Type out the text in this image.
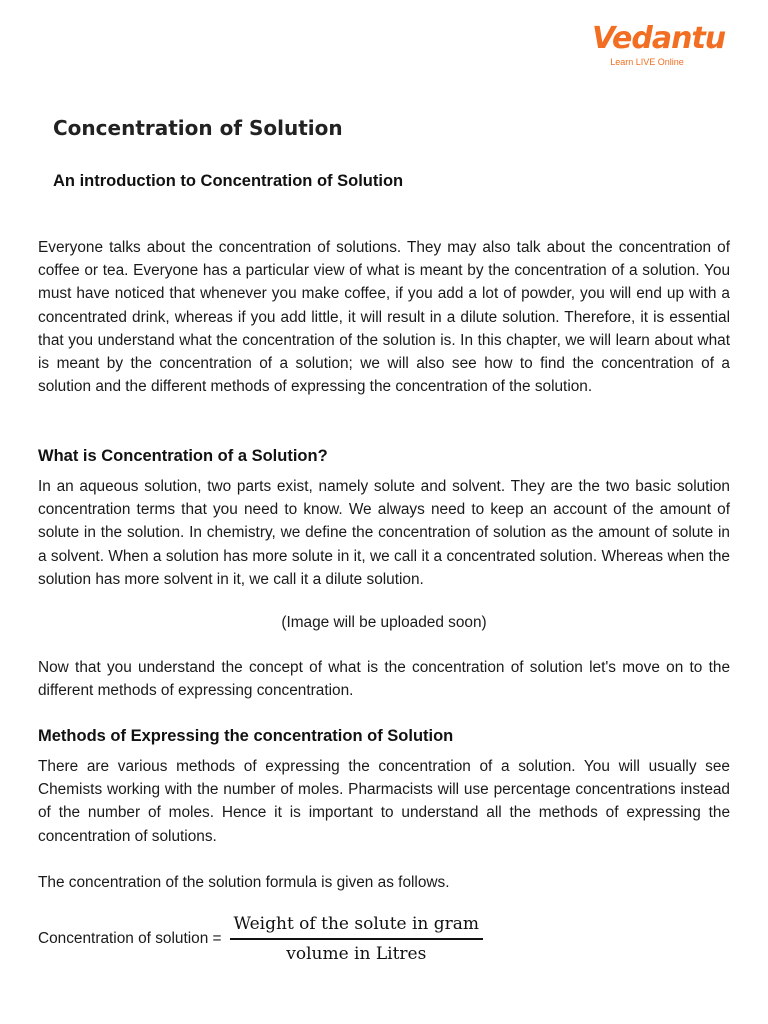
Vedantu
Learn LIVE Online
Concentration of Solution
An introduction to Concentration of Solution

Everyone talks about the concentration of solutions. They may also talk about the concentration of coffee or tea. Everyone has a particular view of what is meant by the concentration of a solution. You must have noticed that whenever you make coffee, if you add a lot of powder, you will end up with a concentrated drink, whereas if you add little, it will result in a dilute solution. Therefore, it is essential that you understand what the concentration of the solution is. In this chapter, we will learn about what is meant by the concentration of a solution; we will also see how to find the concentration of a solution and the different methods of expressing the concentration of the solution.

What is Concentration of a Solution?

In an aqueous solution, two parts exist, namely solute and solvent. They are the two basic solution concentration terms that you need to know. We always need to keep an account of the amount of solute in the solution. In chemistry, we define the concentration of solution as the amount of solute in a solvent. When a solution has more solute in it, we call it a concentrated solution. Whereas when the solution has more solvent in it, we call it a dilute solution.

(Image will be uploaded soon)

Now that you understand the concept of what is the concentration of solution let's move on to the different methods of expressing concentration.

Methods of Expressing the concentration of Solution

There are various methods of expressing the concentration of a solution. You will usually see Chemists working with the number of moles. Pharmacists will use percentage concentrations instead of the number of moles. Hence it is important to understand all the methods of expressing the concentration of solutions.

The concentration of the solution formula is given as follows.

Concentration of solution = $\frac{\text{Weight of the solute in gram}}{\text{volume in Litres}}$
